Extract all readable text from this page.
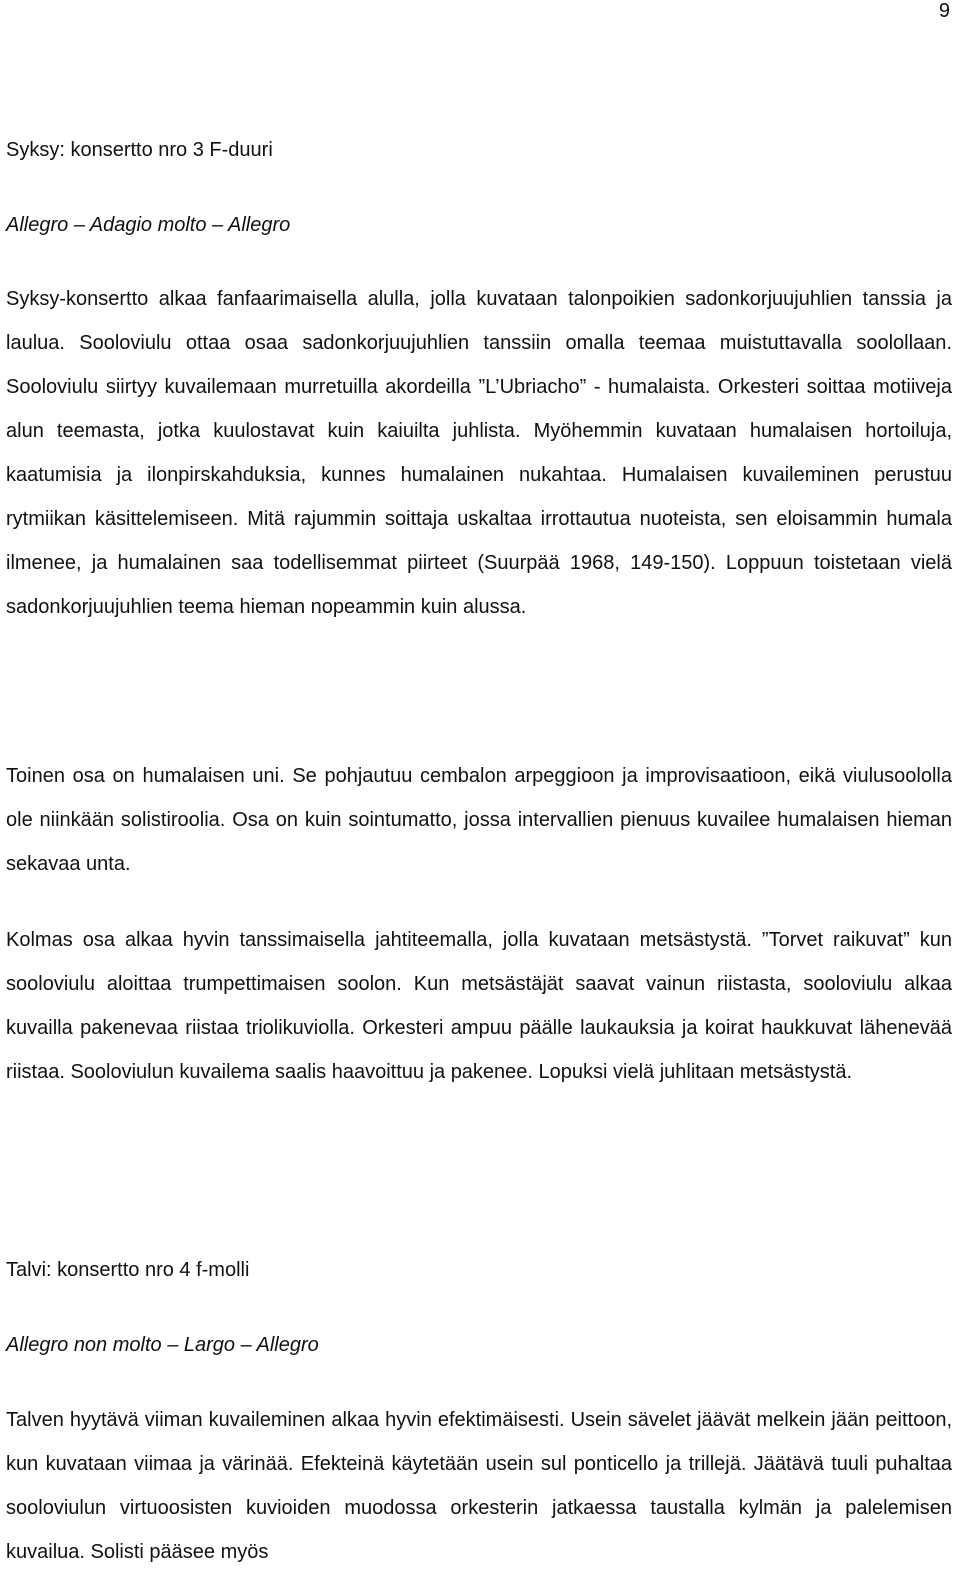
9
Syksy: konsertto nro 3 F-duuri
Allegro – Adagio molto – Allegro

Syksy-konsertto alkaa fanfaarimaisella alulla, jolla kuvataan talonpoikien sadonkorjuujuhlien tanssia ja laulua. Sooloviulu ottaa osaa sadonkorjuujuhlien tanssiin omalla teemaa muistuttavalla soolollaan. Sooloviulu siirtyy kuvailemaan murretuilla akordeilla ”L’Ubriacho” - humalaista. Orkesteri soittaa motiiveja alun teemasta, jotka kuulostavat kuin kaiuilta juhlista. Myöhemmin kuvataan humalaisen hortoiluja, kaatumisia ja ilonpirskahduksia, kunnes humalainen nukahtaa. Humalaisen kuvaileminen perustuu rytmiikan käsittelemiseen. Mitä rajummin soittaja uskaltaa irrottautua nuoteista, sen eloisammin humala ilmenee, ja humalainen saa todellisemmat piirteet (Suurpää 1968, 149-150). Loppuun toistetaan vielä sadonkorjuujuhlien teema hieman nopeammin kuin alussa.

Toinen osa on humalaisen uni. Se pohjautuu cembalon arpeggioon ja improvisaatioon, eikä viulusoololla ole niinkään solistiroolia. Osa on kuin sointumatto, jossa intervallien pienuus kuvailee humalaisen hieman sekavaa unta.

Kolmas osa alkaa hyvin tanssimaisella jahtiteemalla, jolla kuvataan metsästystä. ”Torvet raikuvat” kun sooloviulu aloittaa trumpettimaisen soolon. Kun metsästäjät saavat vainun riistasta, sooloviulu alkaa kuvailla pakenevaa riistaa triolikuviolla. Orkesteri ampuu päälle laukauksia ja koirat haukkuvat lähenevää riistaa. Sooloviulun kuvailema saalis haavoittuu ja pakenee. Lopuksi vielä juhlitaan metsästystä.

Talvi: konsertto nro 4 f-molli
Allegro non molto – Largo – Allegro

Talven hyytävä viiman kuvaileminen alkaa hyvin efektimäisesti. Usein sävelet jäävät melkein jään peittoon, kun kuvataan viimaa ja värinää. Efekteinä käytetään usein sul ponticello ja trillejä. Jäätävä tuuli puhaltaa sooloviulun virtuoosisten kuvioiden muodossa orkesterin jatkaessa taustalla kylmän ja palelemisen kuvailua. Solisti pääsee myös
